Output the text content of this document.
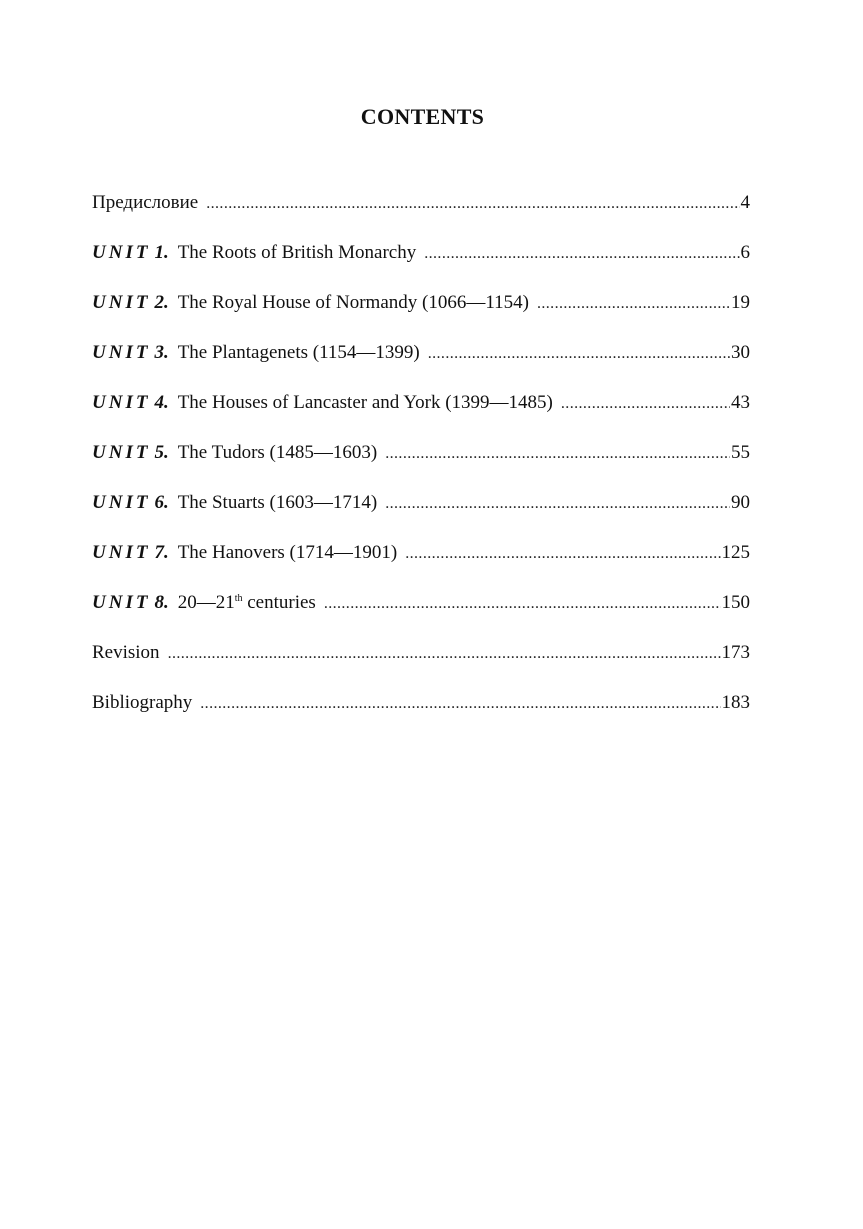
CONTENTS
Предисловие .....	4
UNIT 1. The Roots of British Monarchy .....	6
UNIT 2. The Royal House of Normandy (1066—1154) .....	19
UNIT 3. The Plantagenets (1154—1399) .....	30
UNIT 4. The Houses of Lancaster and York (1399—1485) .....	43
UNIT 5. The Tudors (1485—1603) .....	55
UNIT 6. The Stuarts (1603—1714) .....	90
UNIT 7. The Hanovers (1714—1901) .....	125
UNIT 8. 20—21th centuries .....	150
Revision .....	173
Bibliography .....	183
